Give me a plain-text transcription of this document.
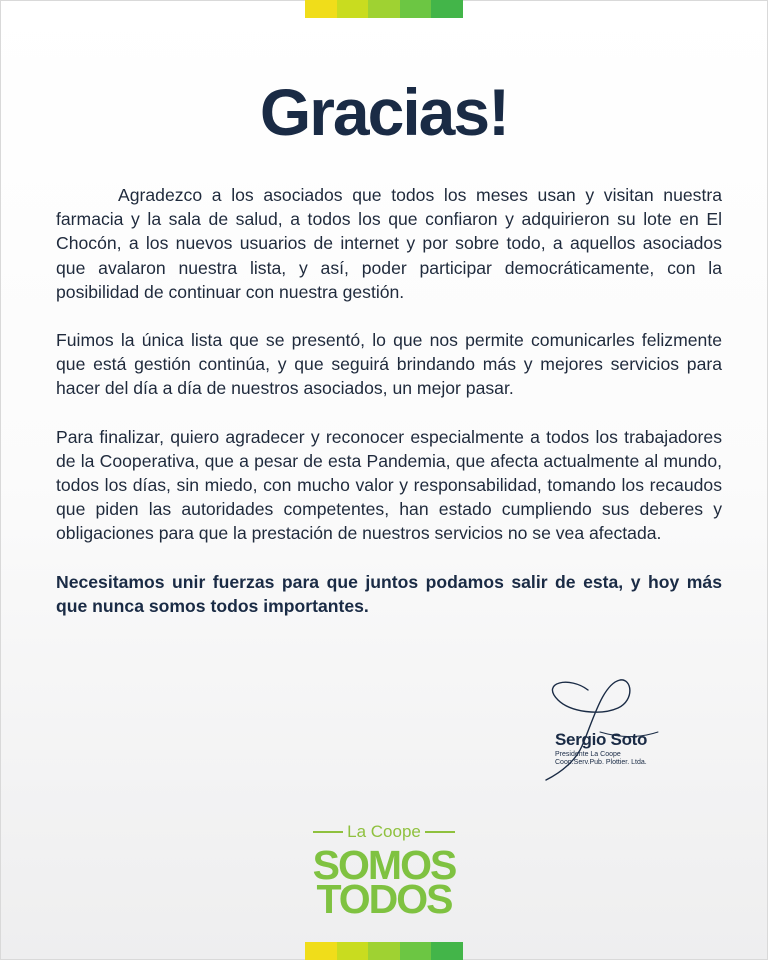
Gracias!

Agradezco a los asociados que todos los meses usan y visitan nuestra farmacia y la sala de salud, a todos los que confiaron y adquirieron su lote en El Chocón, a los nuevos usuarios de internet y por sobre todo, a aquellos asociados que avalaron nuestra lista, y así, poder participar democráticamente, con la posibilidad de continuar con nuestra gestión.

Fuimos la única lista que se presentó, lo que nos permite comunicarles felizmente que está gestión continúa, y que seguirá brindando más y mejores servicios para hacer del día a día de nuestros asociados, un mejor pasar.

Para finalizar, quiero agradecer y reconocer especialmente a todos los trabajadores de la Cooperativa, que a pesar de esta Pandemia, que afecta actualmente al mundo, todos los días, sin miedo, con mucho valor y responsabilidad, tomando los recaudos que piden las autoridades competentes, han estado cumpliendo sus deberes y obligaciones para que la prestación de nuestros servicios no se vea afectada.

Necesitamos unir fuerzas para que juntos podamos salir de esta, y hoy más que nunca somos todos importantes.

Sergio Soto
Presidente La Coope
Coop.Serv.Pub. Plottier. Ltda.
La Coope
SOMOS
TODOS
